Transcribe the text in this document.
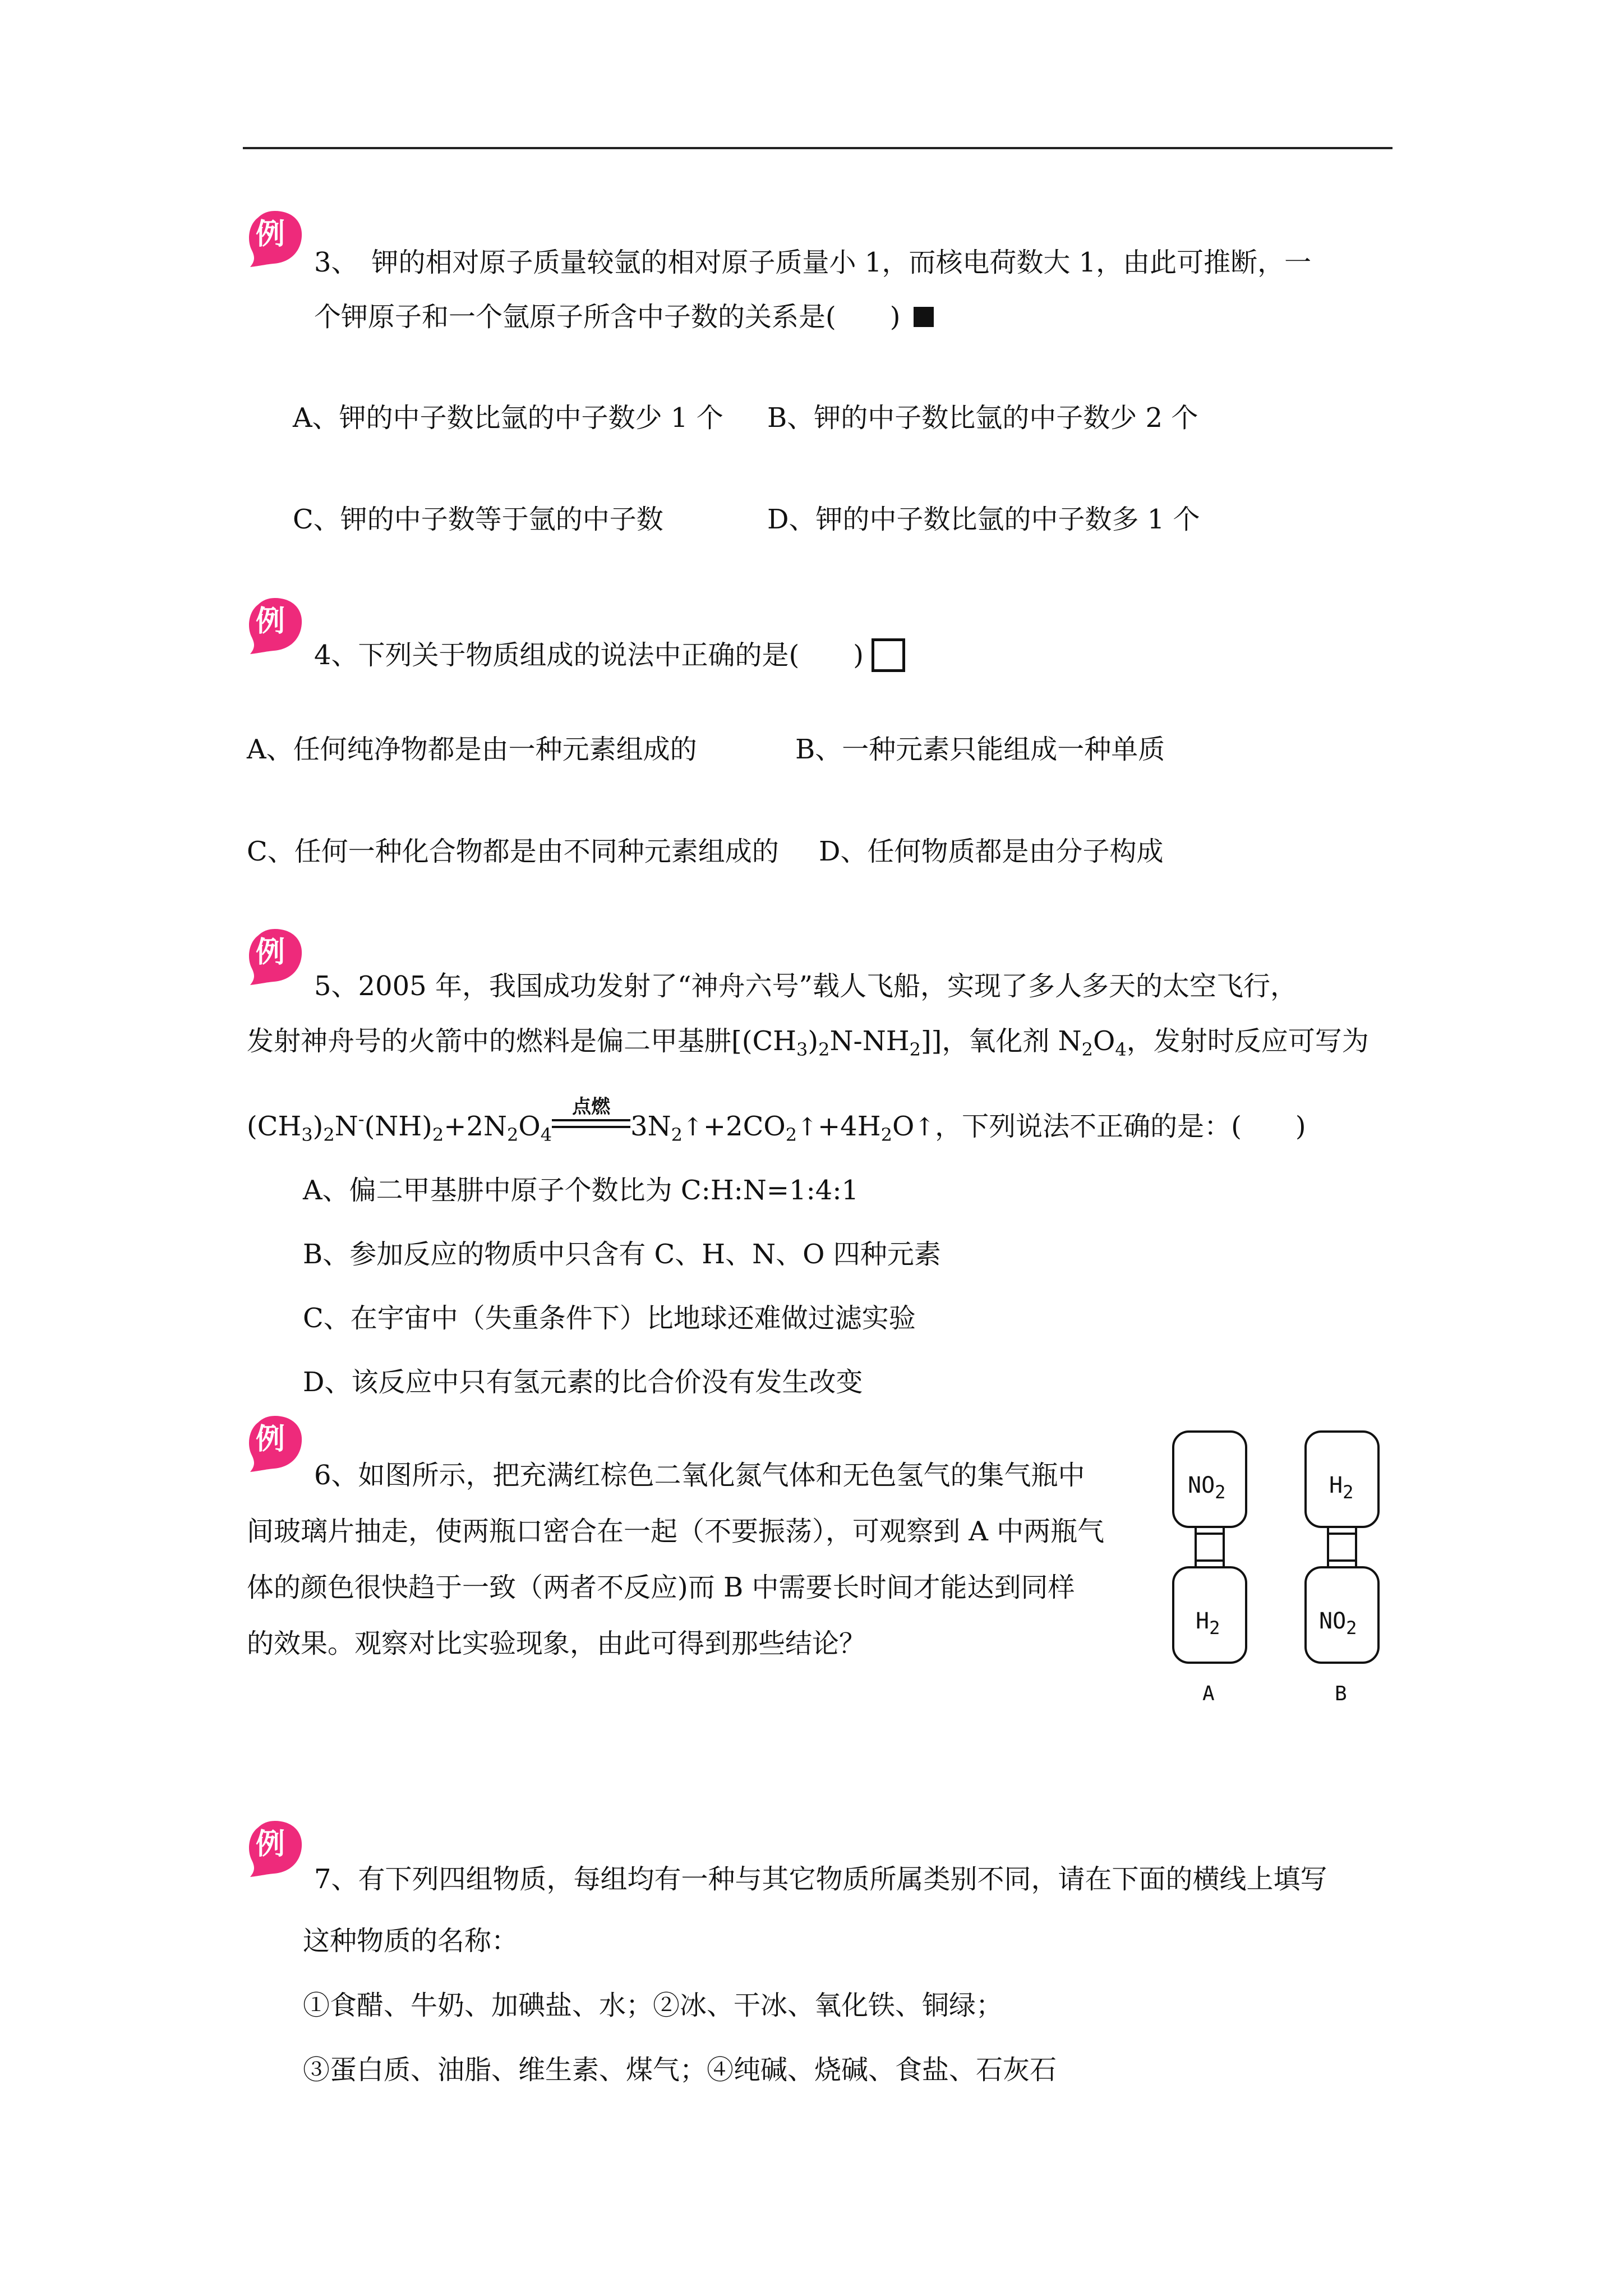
例
3、　钾的相对原子质量较氩的相对原子质量小 1，而核电荷数大 1，由此可推断，一
个钾原子和一个氩原子所含中子数的关系是(　　)
A、钾的中子数比氩的中子数少 1 个 B、钾的中子数比氩的中子数少 2 个
C、钾的中子数等于氩的中子数	D、钾的中子数比氩的中子数多 1 个
例
4、下列关于物质组成的说法中正确的是(　　)
A、任何纯净物都是由一种元素组成的	B、一种元素只能组成一种单质
C、任何一种化合物都是由不同种元素组成的 D、任何物质都是由分子构成
例
5、2005 年，我国成功发射了“神舟六号”载人飞船，实现了多人多天的太空飞行，
发射神舟号的火箭中的燃料是偏二甲基肼$[(CH_3)_2N-NH_2]$]，氧化剂 $N_2O_4$，发射时反应可写为
$(CH_3)_2N^-(NH)_2+2N_2O_4$
点燃
$3N_2↑+2CO_2↑+4H_2O↑$，下列说法不正确的是：(　　)
A、偏二甲基肼中原子个数比为 C:H:N=1:4:1
B、参加反应的物质中只含有 C、H、N、O 四种元素
C、在宇宙中（失重条件下）比地球还难做过滤实验
D、该反应中只有氢元素的比合价没有发生改变
例
6、如图所示，把充满红棕色二氧化氮气体和无色氢气的集气瓶中
间玻璃片抽走，使两瓶口密合在一起（不要振荡），可观察到 A 中两瓶气
体的颜色很快趋于一致（两者不反应)而 B 中需要长时间才能达到同样
的效果。观察对比实验现象，由此可得到那些结论？
$NO_2$
$H_2$
$H_2$
$NO_2$
A	B
例
7、有下列四组物质，每组均有一种与其它物质所属类别不同，请在下面的横线上填写
这种物质的名称：
①食醋、牛奶、加碘盐、水；②冰、干冰、氧化铁、铜绿；
③蛋白质、油脂、维生素、煤气；④纯碱、烧碱、食盐、石灰石
